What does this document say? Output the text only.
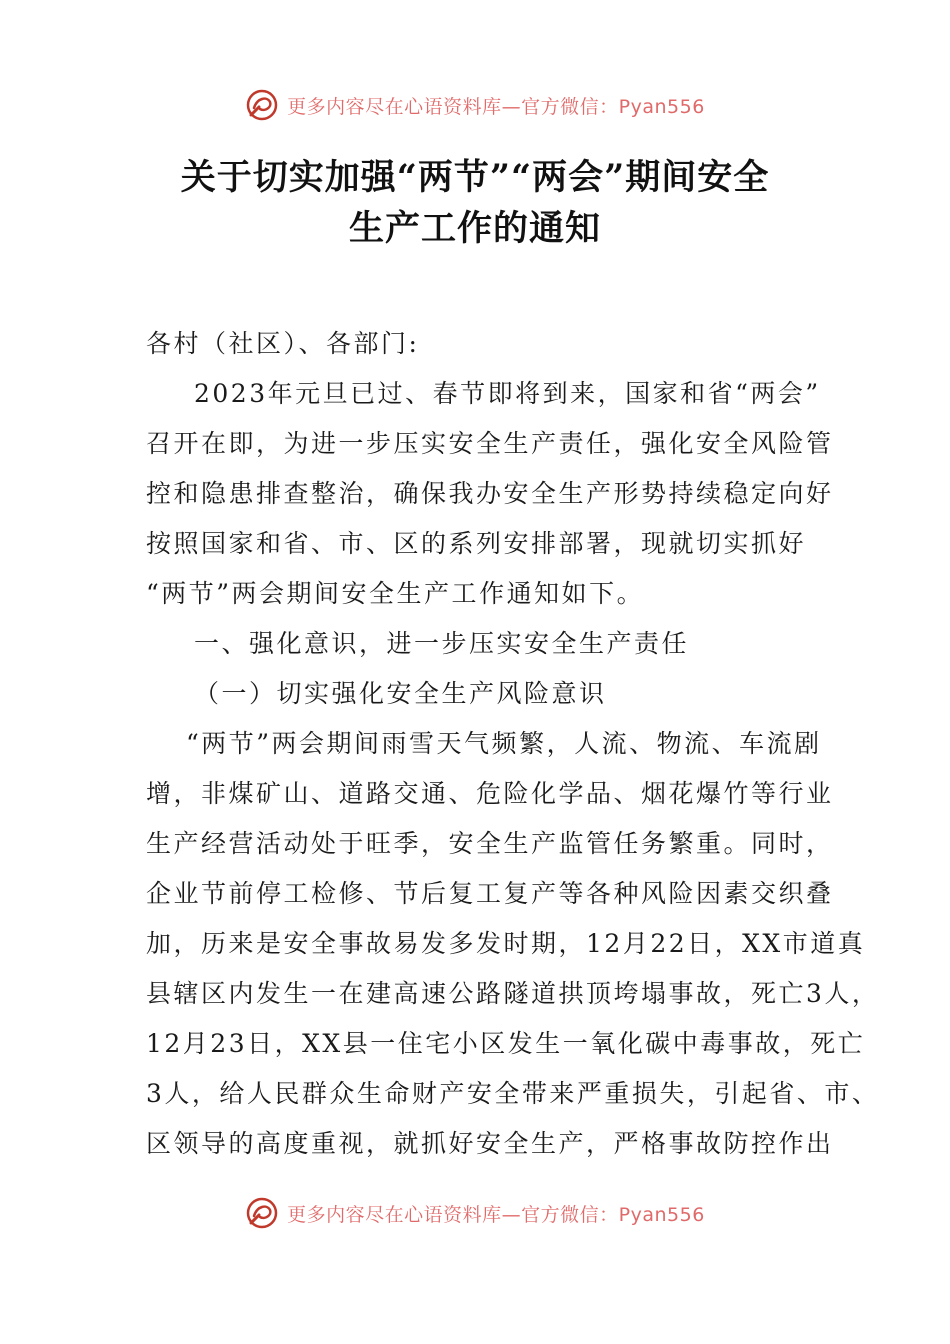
更多内容尽在心语资料库—官方微信：Pyan556
关于切实加强“两节”“两会”期间安全
生产工作的通知
各村（社区）、各部门:
2023年元旦已过、春节即将到来，国家和省“两会”
召开在即，为进一步压实安全生产责任，强化安全风险管
控和隐患排查整治，确保我办安全生产形势持续稳定向好
按照国家和省、市、区的系列安排部署，现就切实抓好
“两节”两会期间安全生产工作通知如下。
一、强化意识，进一步压实安全生产责任
（一）切实强化安全生产风险意识
“两节”两会期间雨雪天气频繁，人流、物流、车流剧
增，非煤矿山、道路交通、危险化学品、烟花爆竹等行业
生产经营活动处于旺季，安全生产监管任务繁重。同时，
企业节前停工检修、节后复工复产等各种风险因素交织叠
加，历来是安全事故易发多发时期，12月22日，XX市道真
县辖区内发生一在建高速公路隧道拱顶垮塌事故，死亡3人，
12月23日，XX县一住宅小区发生一氧化碳中毒事故，死亡
3人，给人民群众生命财产安全带来严重损失，引起省、市、
区领导的高度重视，就抓好安全生产，严格事故防控作出
更多内容尽在心语资料库—官方微信：Pyan556
